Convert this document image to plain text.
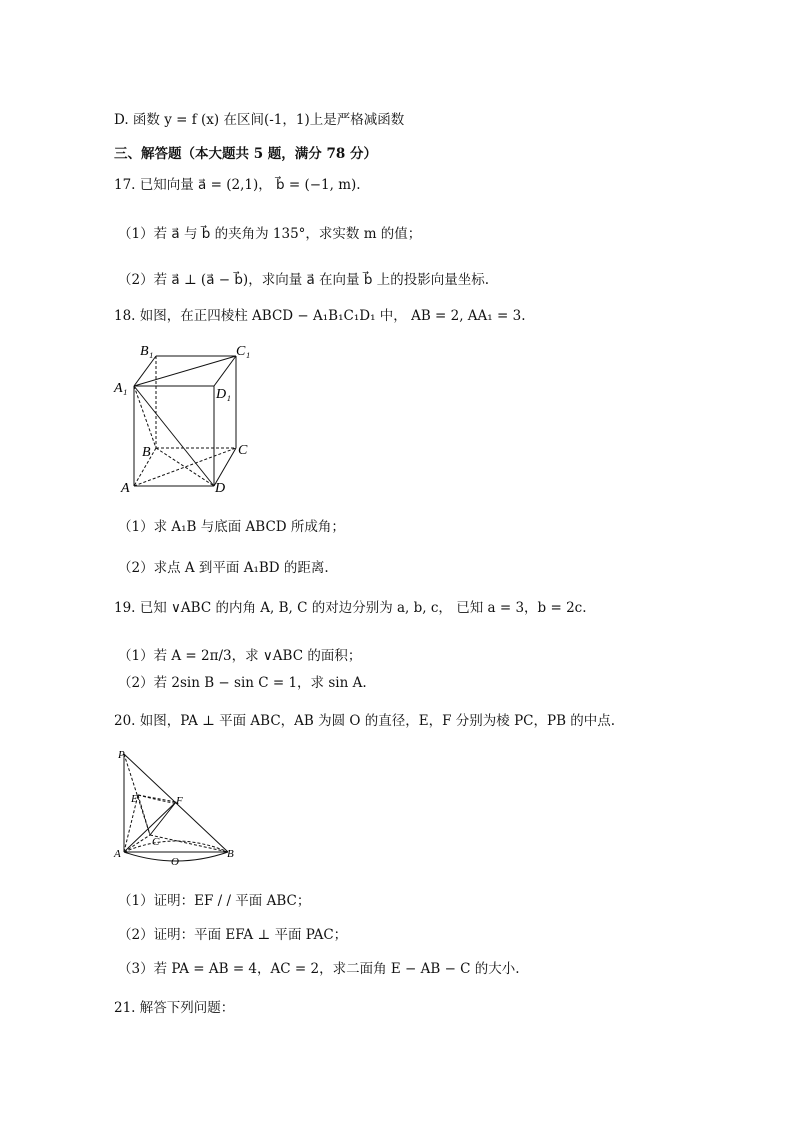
D. 函数 y = f (x) 在区间(-1，1)上是严格减函数
三、解答题（本大题共 5 题，满分 78 分）
17. 已知向量 a⃗ = (2,1)， b⃗ = (−1, m).
（1）若 a⃗ 与 b⃗ 的夹角为 135°，求实数 m 的值；
（2）若 a⃗ ⊥ (a⃗ − b⃗)，求向量 a⃗ 在向量 b⃗ 上的投影向量坐标.
18. 如图，在正四棱柱 ABCD − A₁B₁C₁D₁ 中， AB = 2, AA₁ = 3.
B₁	C₁
A₁	D₁
B	C
A	D
（1）求 A₁B 与底面 ABCD 所成角；
（2）求点 A 到平面 A₁BD 的距离.
19. 已知 ∨ABC 的内角 A, B, C 的对边分别为 a, b, c， 已知 a = 3，b = 2c.
（1）若 A = 2π/3，求 ∨ABC 的面积；
（2）若 2sin B − sin C = 1，求 sin A.
20. 如图，PA ⊥ 平面 ABC，AB 为圆 O 的直径，E，F 分别为棱 PC，PB 的中点.
P
E	F
C
A	B
O
（1）证明：EF / / 平面 ABC；
（2）证明：平面 EFA ⊥ 平面 PAC；
（3）若 PA = AB = 4，AC = 2，求二面角 E − AB − C 的大小.
21. 解答下列问题：
